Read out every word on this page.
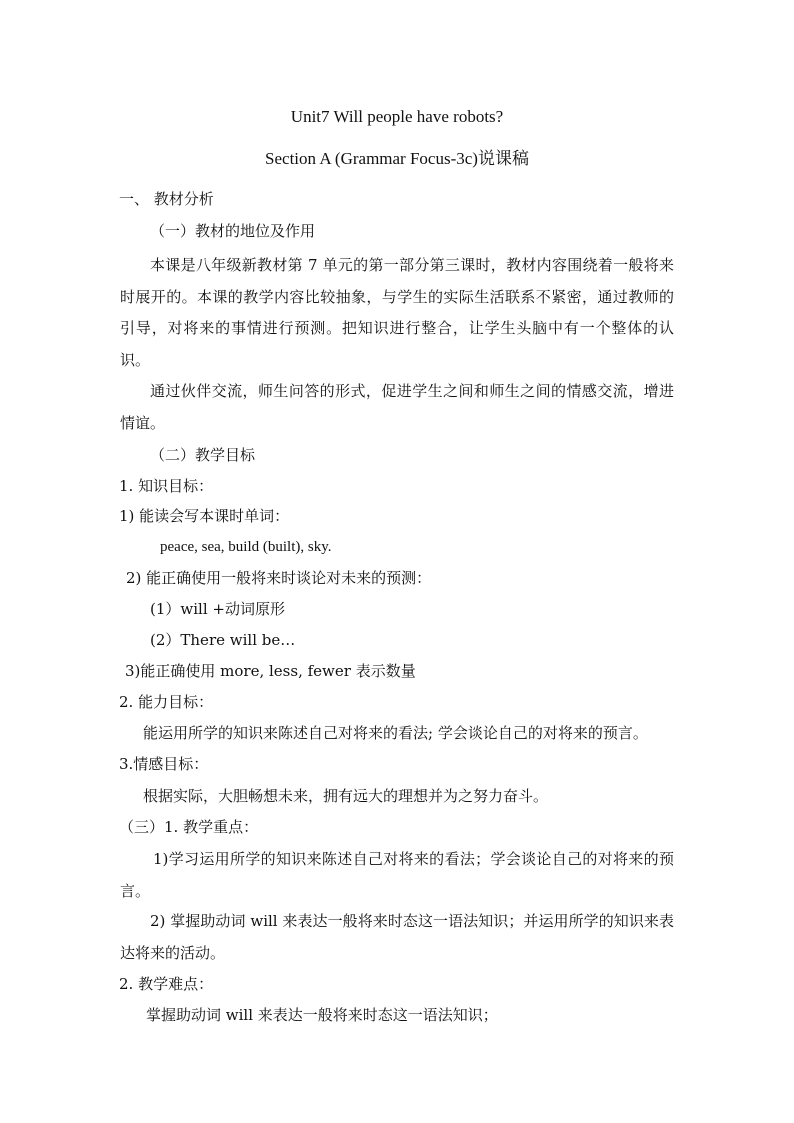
Unit7 Will people have robots?
Section A (Grammar Focus-3c)说课稿
一、 教材分析
（一）教材的地位及作用
本课是八年级新教材第 7 单元的第一部分第三课时，教材内容围绕着一般将来时展开的。本课的教学内容比较抽象，与学生的实际生活联系不紧密，通过教师的引导，对将来的事情进行预测。把知识进行整合，让学生头脑中有一个整体的认识。
通过伙伴交流，师生问答的形式，促进学生之间和师生之间的情感交流，增进情谊。
（二）教学目标
1. 知识目标：
1) 能读会写本课时单词：
peace, sea, build (built), sky.
2) 能正确使用一般将来时谈论对未来的预测：
(1）will +动词原形
(2）There will be…
3)能正确使用 more, less, fewer 表示数量
2. 能力目标：
能运用所学的知识来陈述自己对将来的看法; 学会谈论自己的对将来的预言。
3.情感目标：
根据实际，大胆畅想未来，拥有远大的理想并为之努力奋斗。
（三）1. 教学重点：
1)学习运用所学的知识来陈述自己对将来的看法；学会谈论自己的对将来的预言。
2) 掌握助动词 will 来表达一般将来时态这一语法知识；并运用所学的知识来表达将来的活动。
2. 教学难点：
掌握助动词 will 来表达一般将来时态这一语法知识；
